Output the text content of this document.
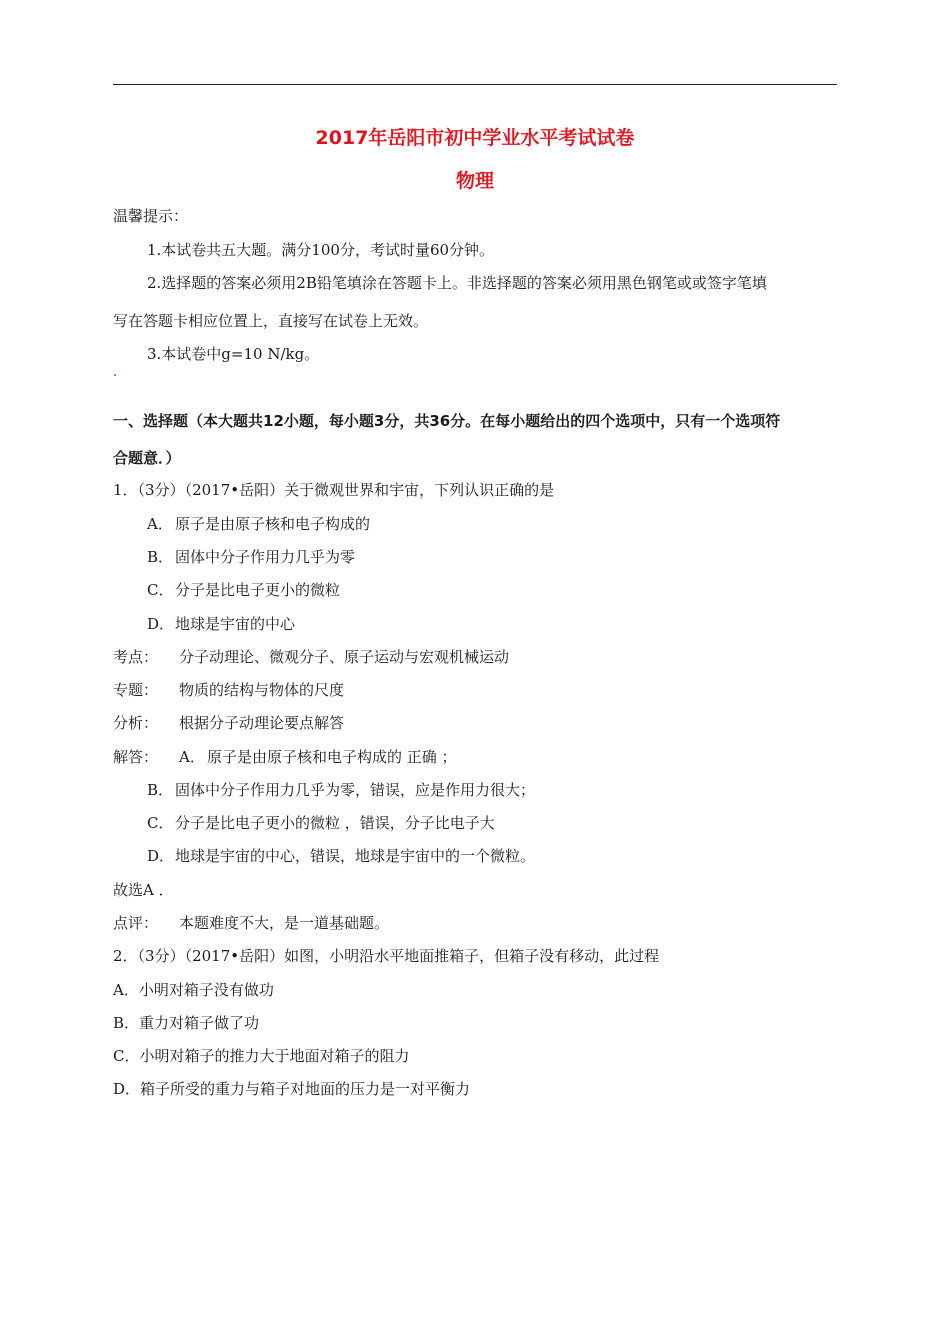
2017年岳阳市初中学业水平考试试卷
物理
温馨提示：
1.本试卷共五大题。满分100分，考试时量60分钟。
2.选择题的答案必须用2B铅笔填涂在答题卡上。非选择题的答案必须用黑色钢笔或或签字笔填
写在答题卡相应位置上，直接写在试卷上无效。
3.本试卷中g=10 N/kg。
一、选择题（本大题共12小题，每小题3分，共36分。在每小题给出的四个选项中，只有一个选项符
合题意．）
1．（3分）（2017•岳阳）关于微观世界和宇宙，下列认识正确的是
A． 原子是由原子核和电子构成的
B． 固体中分子作用力几乎为零
C． 分子是比电子更小的微粒
D．地球是宇宙的中心
考点： 分子动理论、微观分子、原子运动与宏观机械运动
专题： 物质的结构与物体的尺度
分析： 根据分子动理论要点解答
解答： A． 原子是由原子核和电子构成的 正确 ；
B． 固体中分子作用力几乎为零，错误，应是作用力很大；
C． 分子是比电子更小的微粒 ，错误，分子比电子大
D．地球是宇宙的中心，错误，地球是宇宙中的一个微粒。
故选A ．
点评： 本题难度不大，是一道基础题。
2．（3分）（2017•岳阳）如图，小明沿水平地面推箱子，但箱子没有移动，此过程
A．小明对箱子没有做功
B．重力对箱子做了功
C．小明对箱子的推力大于地面对箱子的阻力
D．箱子所受的重力与箱子对地面的压力是一对平衡力
